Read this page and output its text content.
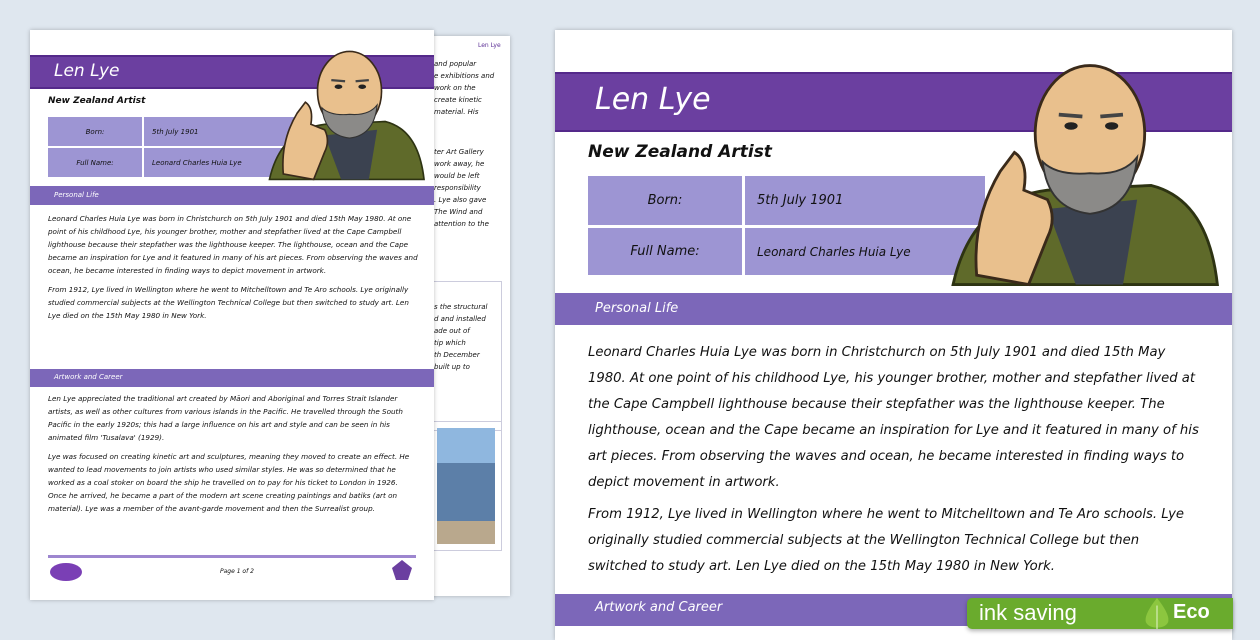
Len Lye
and popular
e exhibitions and
work on the
create kinetic
material. His
ter Art Gallery
work away, he
would be left
responsibility
. Lye also gave
The Wind and
attention to the
s the structural
d and installed
ade out of
tip which
th December
built up to
Len Lye
New Zealand Artist
Born:	5th July 1901
Full Name:	Leonard Charles Huia Lye
Personal Life

Leonard Charles Huia Lye was born in Christchurch on 5th July 1901 and died 15th May 1980. At one point of his childhood Lye, his younger brother, mother and stepfather lived at the Cape Campbell lighthouse because their stepfather was the lighthouse keeper. The lighthouse, ocean and the Cape became an inspiration for Lye and it featured in many of his art pieces. From observing the waves and ocean, he became interested in finding ways to depict movement in artwork.

From 1912, Lye lived in Wellington where he went to Mitchelltown and Te Aro schools. Lye originally studied commercial subjects at the Wellington Technical College but then switched to study art. Len Lye died on the 15th May 1980 in New York.

Artwork and Career

Len Lye appreciated the traditional art created by Māori and Aboriginal and Torres Strait Islander artists, as well as other cultures from various islands in the Pacific. He travelled through the South Pacific in the early 1920s; this had a large influence on his art and style and can be seen in his animated film 'Tusalava' (1929).

Lye was focused on creating kinetic art and sculptures, meaning they moved to create an effect. He wanted to lead movements to join artists who used similar styles. He was so determined that he worked as a coal stoker on board the ship he travelled on to pay for his ticket to London in 1926. Once he arrived, he became a part of the modern art scene creating paintings and batiks (art on material). Lye was a member of the avant-garde movement and then the Surrealist group.

Page 1 of 2
Len Lye
New Zealand Artist
Born:	5th July 1901
Full Name:	Leonard Charles Huia Lye
Personal Life

Leonard Charles Huia Lye was born in Christchurch on 5th July 1901 and died 15th May 1980. At one point of his childhood Lye, his younger brother, mother and stepfather lived at the Cape Campbell lighthouse because their stepfather was the lighthouse keeper. The lighthouse, ocean and the Cape became an inspiration for Lye and it featured in many of his art pieces. From observing the waves and ocean, he became interested in finding ways to depict movement in artwork.

From 1912, Lye lived in Wellington where he went to Mitchelltown and Te Aro schools. Lye originally studied commercial subjects at the Wellington Technical College but then switched to study art. Len Lye died on the 15th May 1980 in New York.

Artwork and Career	ink saving	Eco
